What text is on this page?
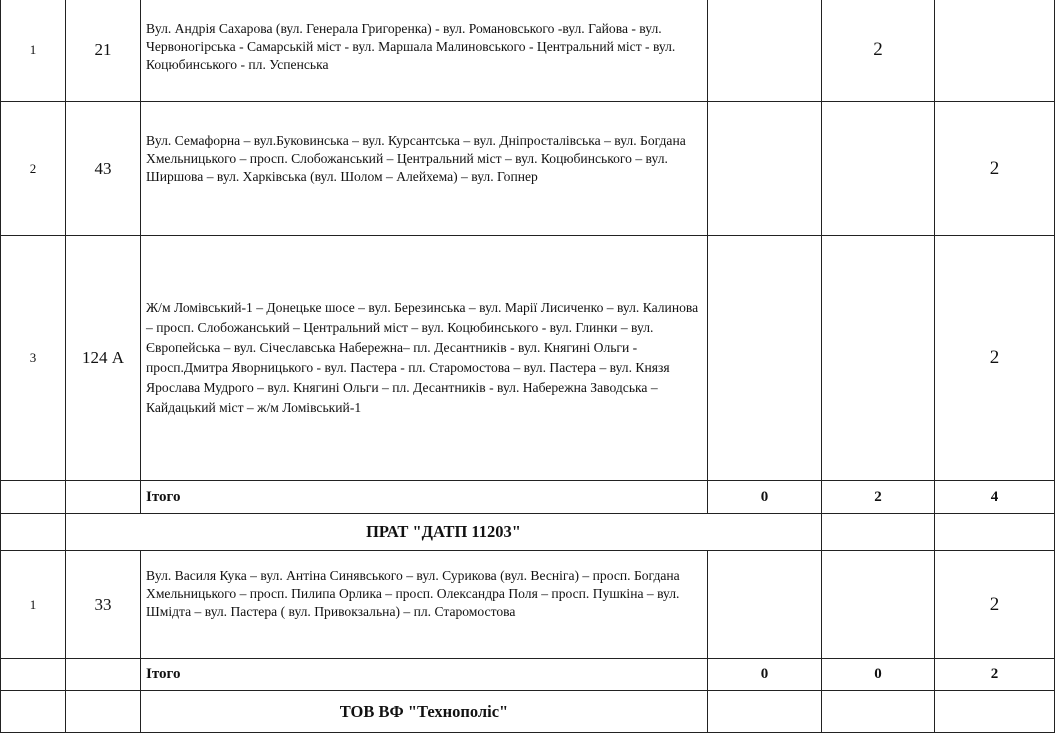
1	21	Вул. Андрія Сахарова (вул. Генерала Григоренка) - вул. Романовського -вул. Гайова - вул. Червоногірська - Самарській міст - вул. Маршала Малиновського - Центральний міст - вул. Коцюбинського - пл. Успенська		2	
2	43	Вул. Семафорна – вул.Буковинська – вул. Курсантська – вул. Дніпросталівська – вул. Богдана Хмельницького – просп. Слобожанський – Центральний міст – вул. Коцюбинського – вул. Ширшова – вул. Харківська (вул. Шолом – Алейхема) – вул. Гопнер			2
3	124 А	Ж/м Ломівський-1 – Донецьке шосе – вул. Березинська – вул. Марії Лисиченко – вул. Калинова – просп. Слобожанський – Центральний міст – вул. Коцюбинського - вул. Глинки – вул. Європейська – вул. Січеславська Набережна– пл. Десантників - вул. Княгині Ольги - просп.Дмитра Яворницького - вул. Пастера - пл. Старомостова – вул. Пастера – вул. Князя Ярослава Мудрого – вул. Княгині Ольги – пл. Десантників - вул. Набережна Заводська – Кайдацький міст – ж/м Ломівський-1			2
		Ітого	0	2	4
	ПРАТ "ДАТП 11203"				
1	33	Вул. Василя Кука – вул. Антіна Синявського – вул. Сурикова (вул. Веснiга) – просп. Богдана Хмельницького – просп. Пилипа Орлика – просп. Олександра Поля – просп. Пушкіна – вул. Шмідта – вул. Пастера ( вул. Привокзальна) – пл. Старомостова			2
		Ітого	0	0	2
		ТОВ ВФ "Технополіс"			
